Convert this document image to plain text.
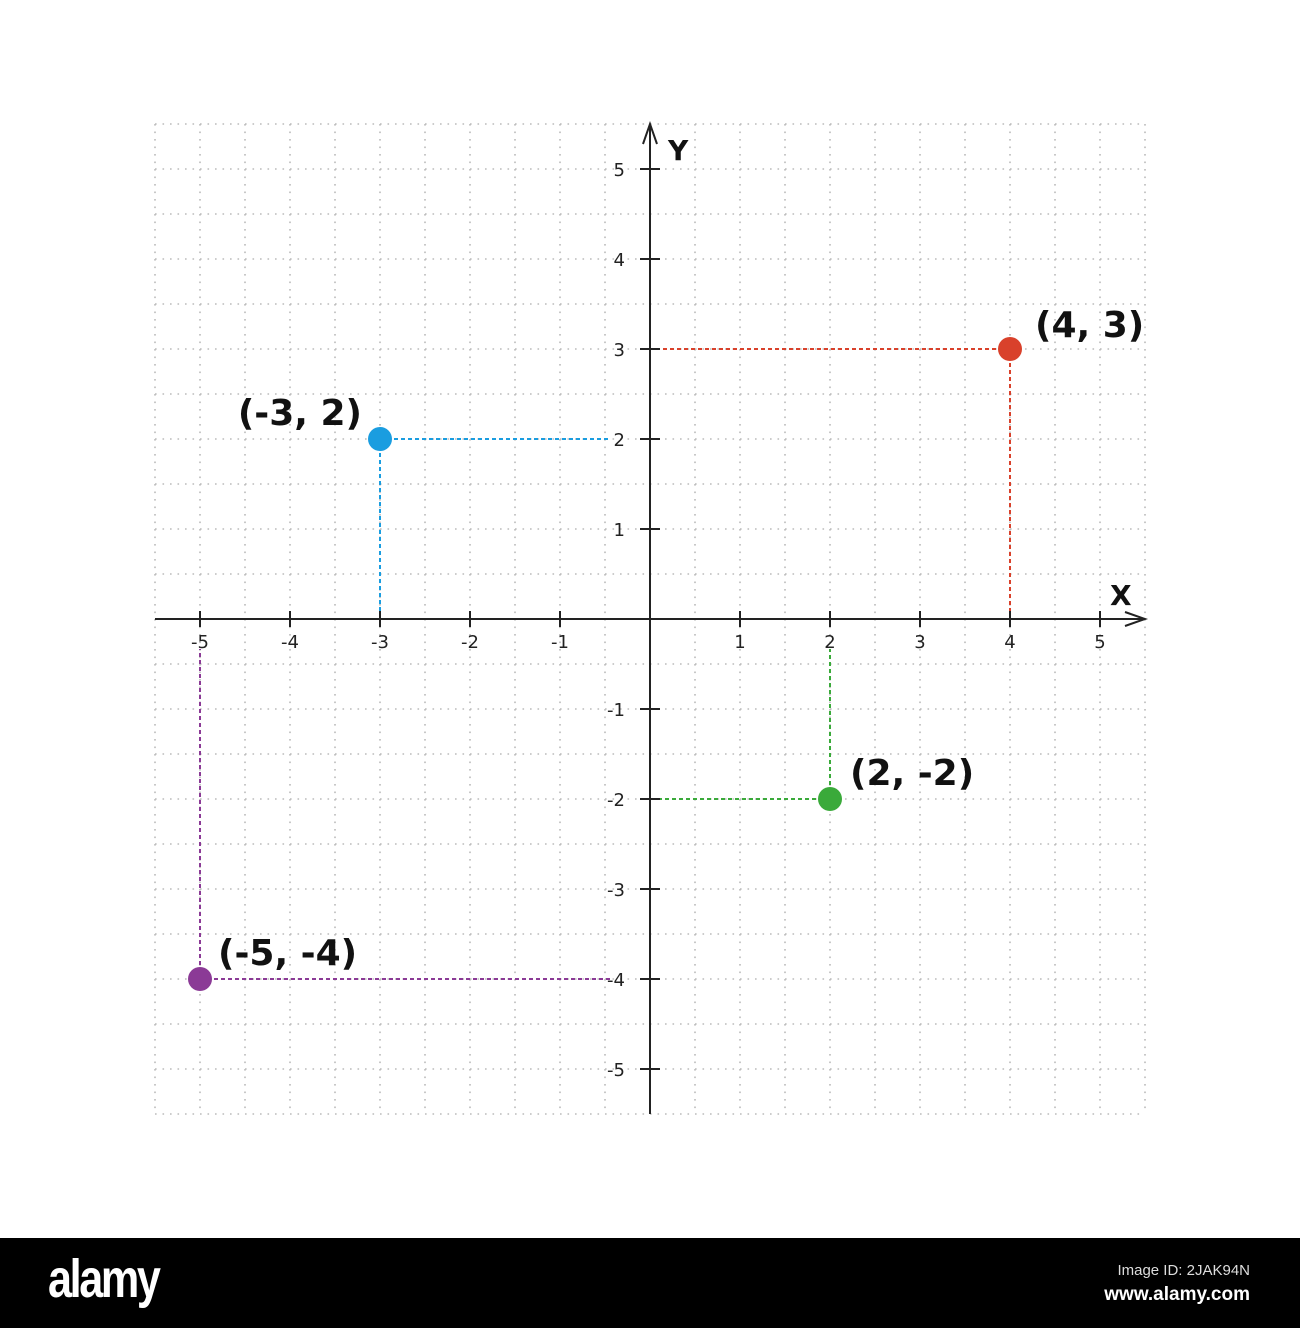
X
Y
-5	-4	-3	-2	-1	1	2	3	4	5
5
4
3
2
1
-1
-2
-3
-4
-5
(4, 3)
(-3, 2)
(2, -2)
(-5, -4)
alamy	Image ID: 2JAK94N
www.alamy.com
